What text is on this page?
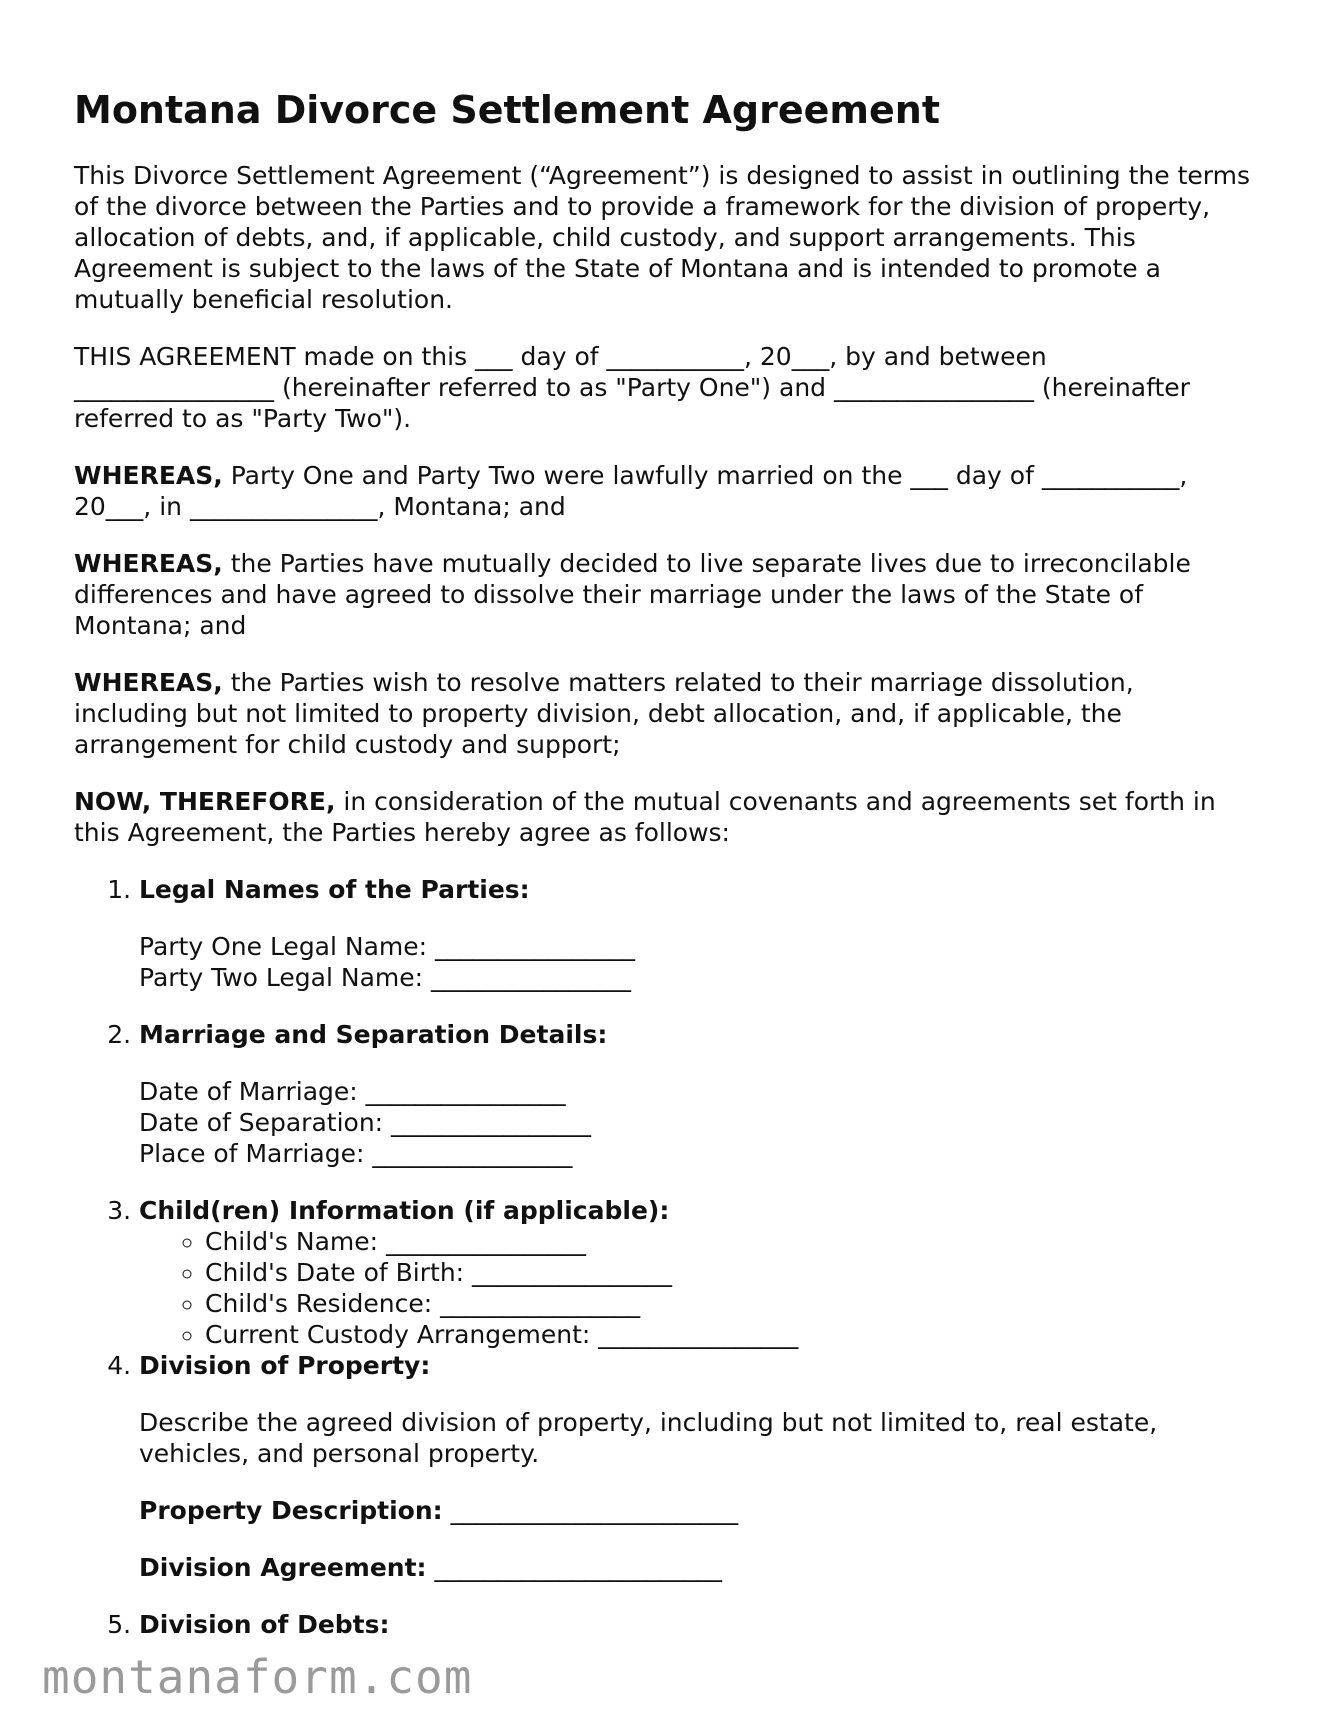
Montana Divorce Settlement Agreement

This Divorce Settlement Agreement (“Agreement”) is designed to assist in outlining the terms of the divorce between the Parties and to provide a framework for the division of property, allocation of debts, and, if applicable, child custody, and support arrangements. This Agreement is subject to the laws of the State of Montana and is intended to promote a mutually beneficial resolution.

THIS AGREEMENT made on this ___ day of ___________, 20___, by and between ________________ (hereinafter referred to as "Party One") and ________________ (hereinafter referred to as "Party Two").

WHEREAS, Party One and Party Two were lawfully married on the ___ day of ___________, 20___, in _______________, Montana; and

WHEREAS, the Parties have mutually decided to live separate lives due to irreconcilable differences and have agreed to dissolve their marriage under the laws of the State of Montana; and

WHEREAS, the Parties wish to resolve matters related to their marriage dissolution, including but not limited to property division, debt allocation, and, if applicable, the arrangement for child custody and support;

NOW, THEREFORE, in consideration of the mutual covenants and agreements set forth in this Agreement, the Parties hereby agree as follows:

1. Legal Names of the Parties:
Party One Legal Name: ________________
Party Two Legal Name: ________________
2. Marriage and Separation Details:
Date of Marriage: ________________
Date of Separation: ________________
Place of Marriage: ________________
3. Child(ren) Information (if applicable):
◦ Child's Name: ________________
◦ Child's Date of Birth: ________________
◦ Child's Residence: ________________
◦ Current Custody Arrangement: ________________
4. Division of Property:

Describe the agreed division of property, including but not limited to, real estate, vehicles, and personal property.

Property Description: _______________________

Division Agreement: _______________________

5. Division of Debts:
montanaform.com
